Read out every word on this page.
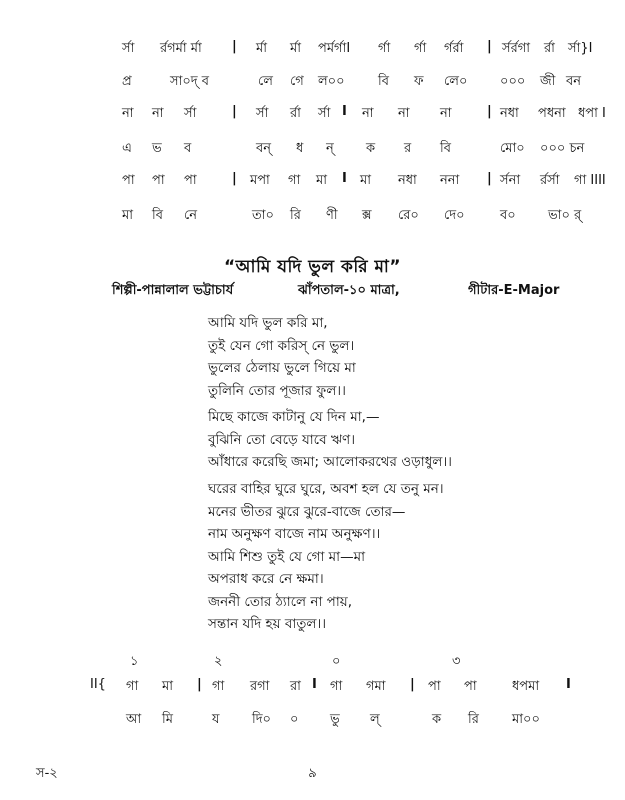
র্সা র্রগর্মা র্মা | র্মা র্মা পর্মর্গাI র্গা র্গা র্গর্রা | র্সর্রগা র্রা র্সা}I
প্র	সা০দ্‌ ব	লে গে ল০০	বি ফ লে০	০০০ জী বন
না না র্সা	| র্সা র্রা র্সা I না না না	| নধা পধনা ধপা I
এ ভ ব	বন্‌ ধ ন্‌ ক র বি	মো০ ০০০ চন
পা পা পা	| মপা গা মা I মা নধা ননা | র্সনা র্রর্সা গা IIII
মা বি নে	তা০ রি ণী ক্স রে০ দে০	ব০ ভা০ র্‌
“আমি যদি ভুল করি মা”
শিল্পী-পান্নালাল ভট্টাচার্য	ঝাঁপতাল-১০ মাত্রা,	গীটার-E-Major
আমি যদি ভুল করি মা,
তুই যেন গো করিস্‌ নে ভুল।
ভুলের ঠেলায় ভুলে গিয়ে মা
তুলিনি তোর পূজার ফুল।।
মিছে কাজে কাটানু যে দিন মা,—
বুঝিনি তো বেড়ে যাবে ঋণ।
আঁধারে করেছি জমা; আলোকরথের ওড়াধুল।।
ঘরের বাহির ঘুরে ঘুরে, অবশ হল যে তনু মন।
মনের ভীতর ঝুরে ঝুরে-বাজে তোর—
নাম অনুক্ষণ বাজে নাম অনুক্ষণ।।
আমি শিশু তুই যে গো মা—মা
অপরাধ করে নে ক্ষমা।
জননী তোর ঠ্যালে না পায়,
সন্তান যদি হয় বাতুল।।
১	২	০	৩
II{ গা মা | গা রগা রা I গা গমা | পা পা	ধপমা I
আ মি	য	দি০ ০ ভু ল্	ক রি	মা০০
স-২	৯
